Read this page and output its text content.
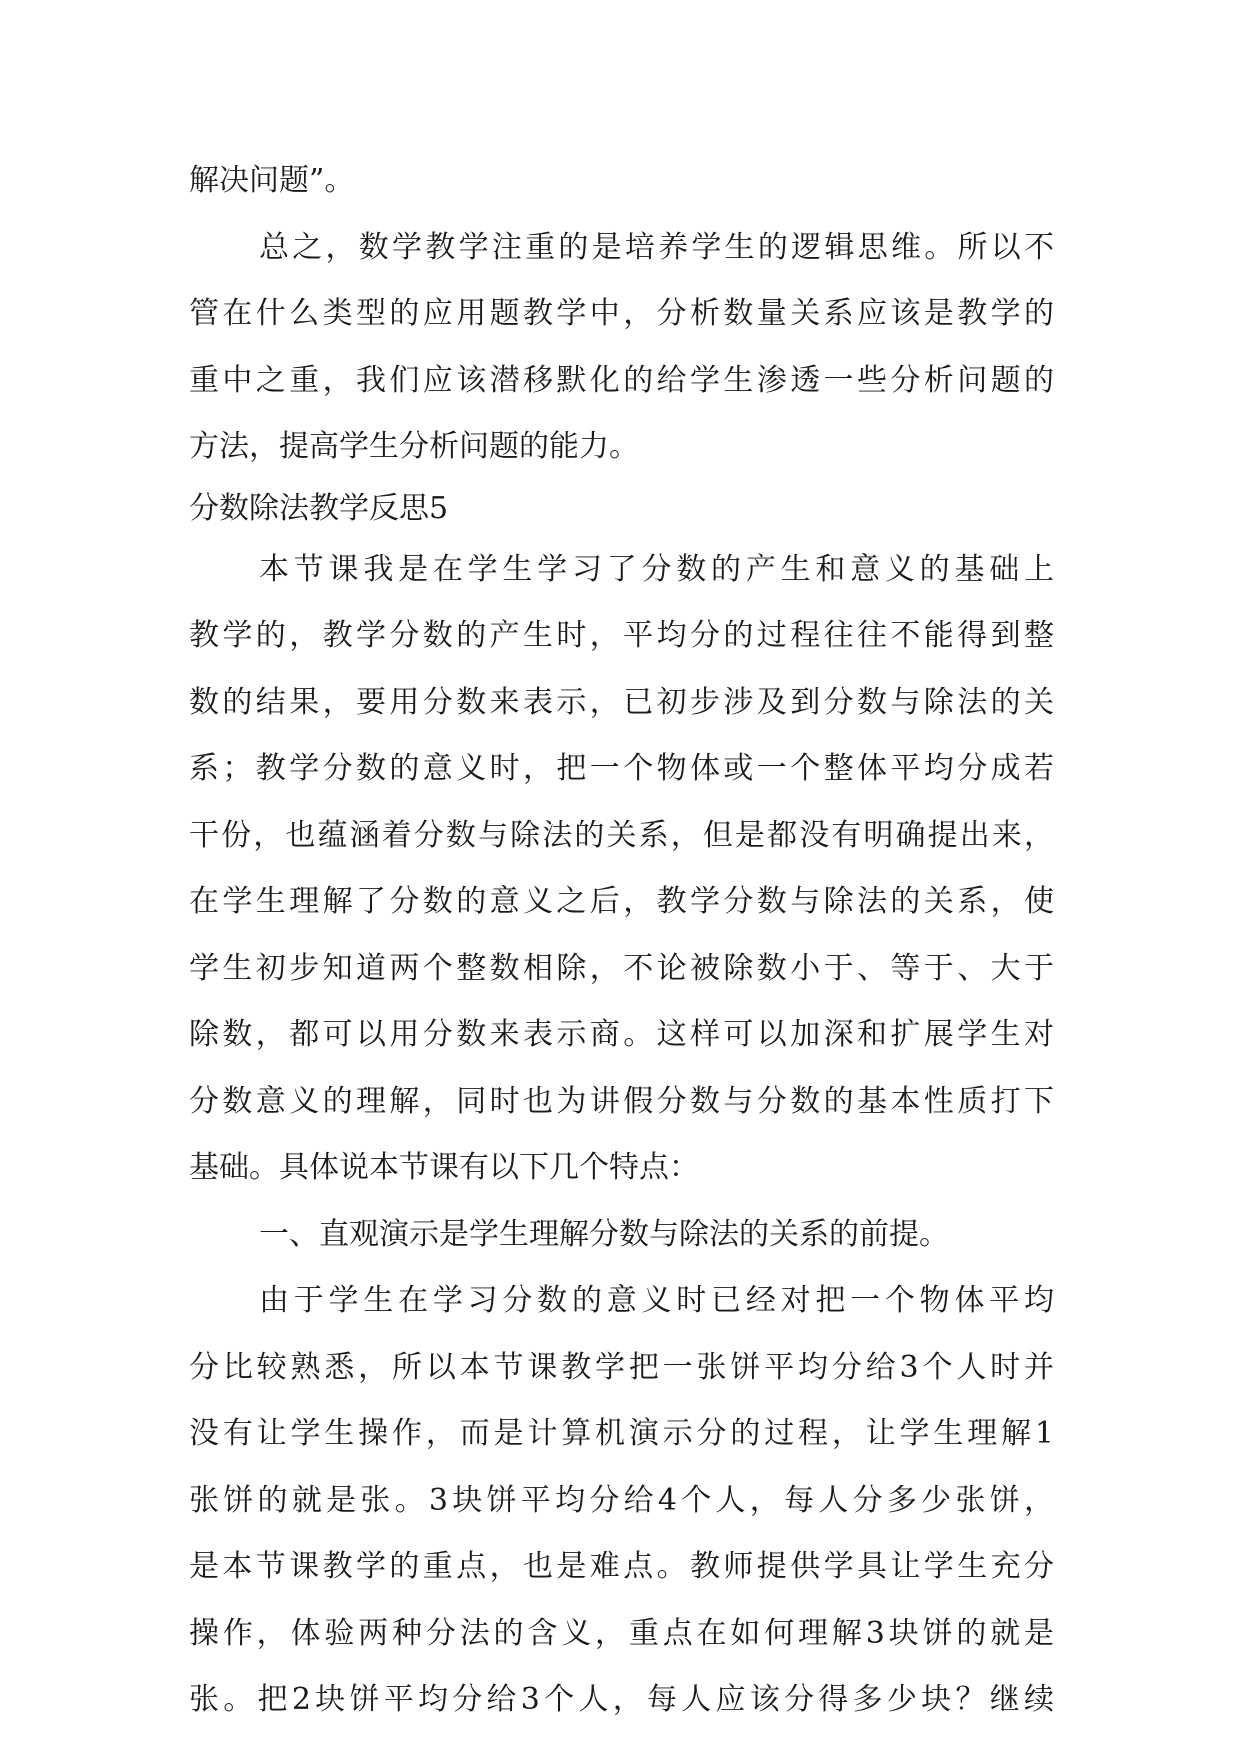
解决问题”。
总之，数学教学注重的是培养学生的逻辑思维。所以不
管在什么类型的应用题教学中，分析数量关系应该是教学的
重中之重，我们应该潜移默化的给学生渗透一些分析问题的
方法，提高学生分析问题的能力。
分数除法教学反思5
本节课我是在学生学习了分数的产生和意义的基础上
教学的，教学分数的产生时，平均分的过程往往不能得到整
数的结果，要用分数来表示，已初步涉及到分数与除法的关
系；教学分数的意义时，把一个物体或一个整体平均分成若
干份，也蕴涵着分数与除法的关系，但是都没有明确提出来，
在学生理解了分数的意义之后，教学分数与除法的关系，使
学生初步知道两个整数相除，不论被除数小于、等于、大于
除数，都可以用分数来表示商。这样可以加深和扩展学生对
分数意义的理解，同时也为讲假分数与分数的基本性质打下
基础。具体说本节课有以下几个特点：
一、直观演示是学生理解分数与除法的关系的前提。
由于学生在学习分数的意义时已经对把一个物体平均
分比较熟悉，所以本节课教学把一张饼平均分给3个人时并
没有让学生操作，而是计算机演示分的过程，让学生理解1
张饼的就是张。3块饼平均分给4个人，每人分多少张饼，
是本节课教学的重点，也是难点。教师提供学具让学生充分
操作，体验两种分法的含义，重点在如何理解3块饼的就是
张。把2块饼平均分给3个人，每人应该分得多少块？继续
